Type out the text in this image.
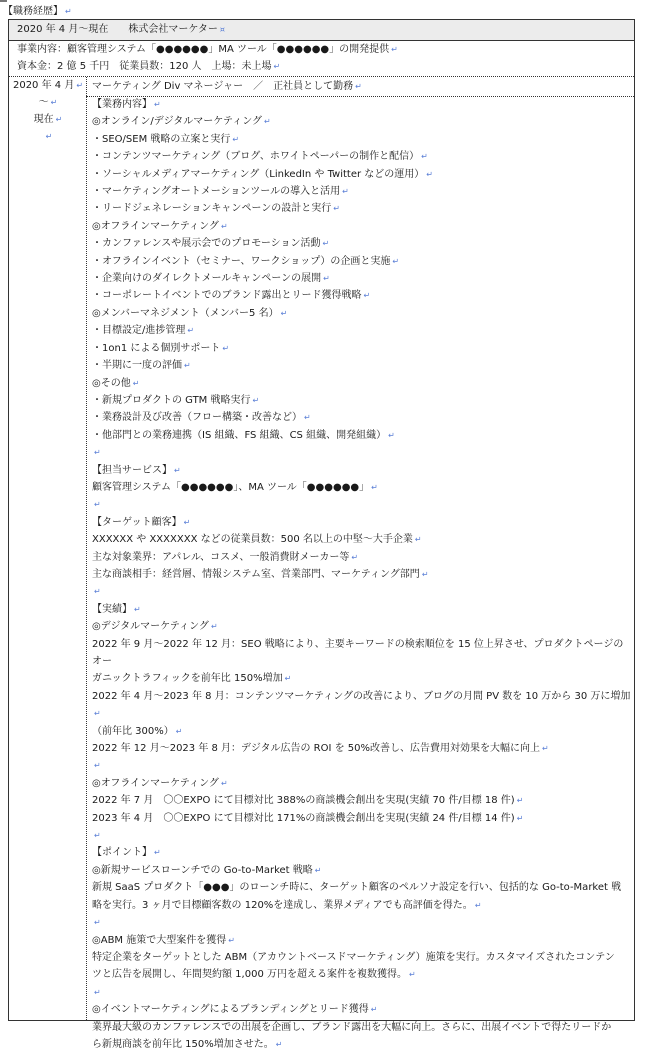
【職務経歴】 ↵
2020 年 4 月～現在 株式会社マーケター ¤
事業内容：顧客管理システム「●●●●●●」MA ツール「●●●●●●」の開発提供 ↵
資本金：2 億 5 千円　従業員数：120 人　上場：未上場 ↵
2020 年 4 月 ↵
～ ↵
現在 ↵
↵
マーケティング Div マネージャー　／　正社員として勤務 ↵
【業務内容】 ↵
◎オンライン/デジタルマーケティング ↵
・SEO/SEM 戦略の立案と実行 ↵
・コンテンツマーケティング（ブログ、ホワイトペーパーの制作と配信） ↵
・ソーシャルメディアマーケティング（LinkedIn や Twitter などの運用） ↵
・マーケティングオートメーションツールの導入と活用 ↵
・リードジェネレーションキャンペーンの設計と実行 ↵
◎オフラインマーケティング ↵
・カンファレンスや展示会でのプロモーション活動 ↵
・オフラインイベント（セミナー、ワークショップ）の企画と実施 ↵
・企業向けのダイレクトメールキャンペーンの展開 ↵
・コーポレートイベントでのブランド露出とリード獲得戦略 ↵
◎メンバーマネジメント（メンバー5 名） ↵
・目標設定/進捗管理 ↵
・1on1 による個別サポート ↵
・半期に一度の評価 ↵
◎その他 ↵
・新規プロダクトの GTM 戦略実行 ↵
・業務設計及び改善（フロー構築・改善など） ↵
・他部門との業務連携（IS 組織、FS 組織、CS 組織、開発組織） ↵
↵
【担当サービス】 ↵
顧客管理システム「●●●●●●」、MA ツール「●●●●●●」 ↵
↵
【ターゲット顧客】 ↵
XXXXXX や XXXXXXX などの従業員数：500 名以上の中堅～大手企業 ↵
主な対象業界：アパレル、コスメ、一般消費財メーカー等 ↵
主な商談相手：経営層、情報システム室、営業部門、マーケティング部門 ↵
↵
【実績】 ↵
◎デジタルマーケティング ↵
2022 年 9 月～2022 年 12 月：SEO 戦略により、主要キーワードの検索順位を 15 位上昇させ、プロダクトページのオー
ガニックトラフィックを前年比 150%増加 ↵
2022 年 4 月～2023 年 8 月：コンテンツマーケティングの改善により、ブログの月間 PV 数を 10 万から 30 万に増加↵
（前年比 300%） ↵
2022 年 12 月～2023 年 8 月：デジタル広告の ROI を 50%改善し、広告費用対効果を大幅に向上 ↵
↵
◎オフラインマーケティング ↵
2022 年 7 月　〇〇EXPO にて目標対比 388%の商談機会創出を実現(実績 70 件/目標 18 件) ↵
2023 年 4 月　〇〇EXPO にて目標対比 171%の商談機会創出を実現(実績 24 件/目標 14 件) ↵
↵
【ポイント】 ↵
◎新規サービスローンチでの Go-to-Market 戦略 ↵
新規 SaaS プロダクト「●●●」のローンチ時に、ターゲット顧客のペルソナ設定を行い、包括的な Go-to-Market 戦
略を実行。3 ヶ月で目標顧客数の 120%を達成し、業界メディアでも高評価を得た。 ↵
↵
◎ABM 施策で大型案件を獲得 ↵
特定企業をターゲットとした ABM（アカウントベースドマーケティング）施策を実行。カスタマイズされたコンテン
ツと広告を展開し、年間契約額 1,000 万円を超える案件を複数獲得。 ↵
↵
◎イベントマーケティングによるブランディングとリード獲得 ↵
業界最大級のカンファレンスでの出展を企画し、ブランド露出を大幅に向上。さらに、出展イベントで得たリードか
ら新規商談を前年比 150%増加させた。 ↵
